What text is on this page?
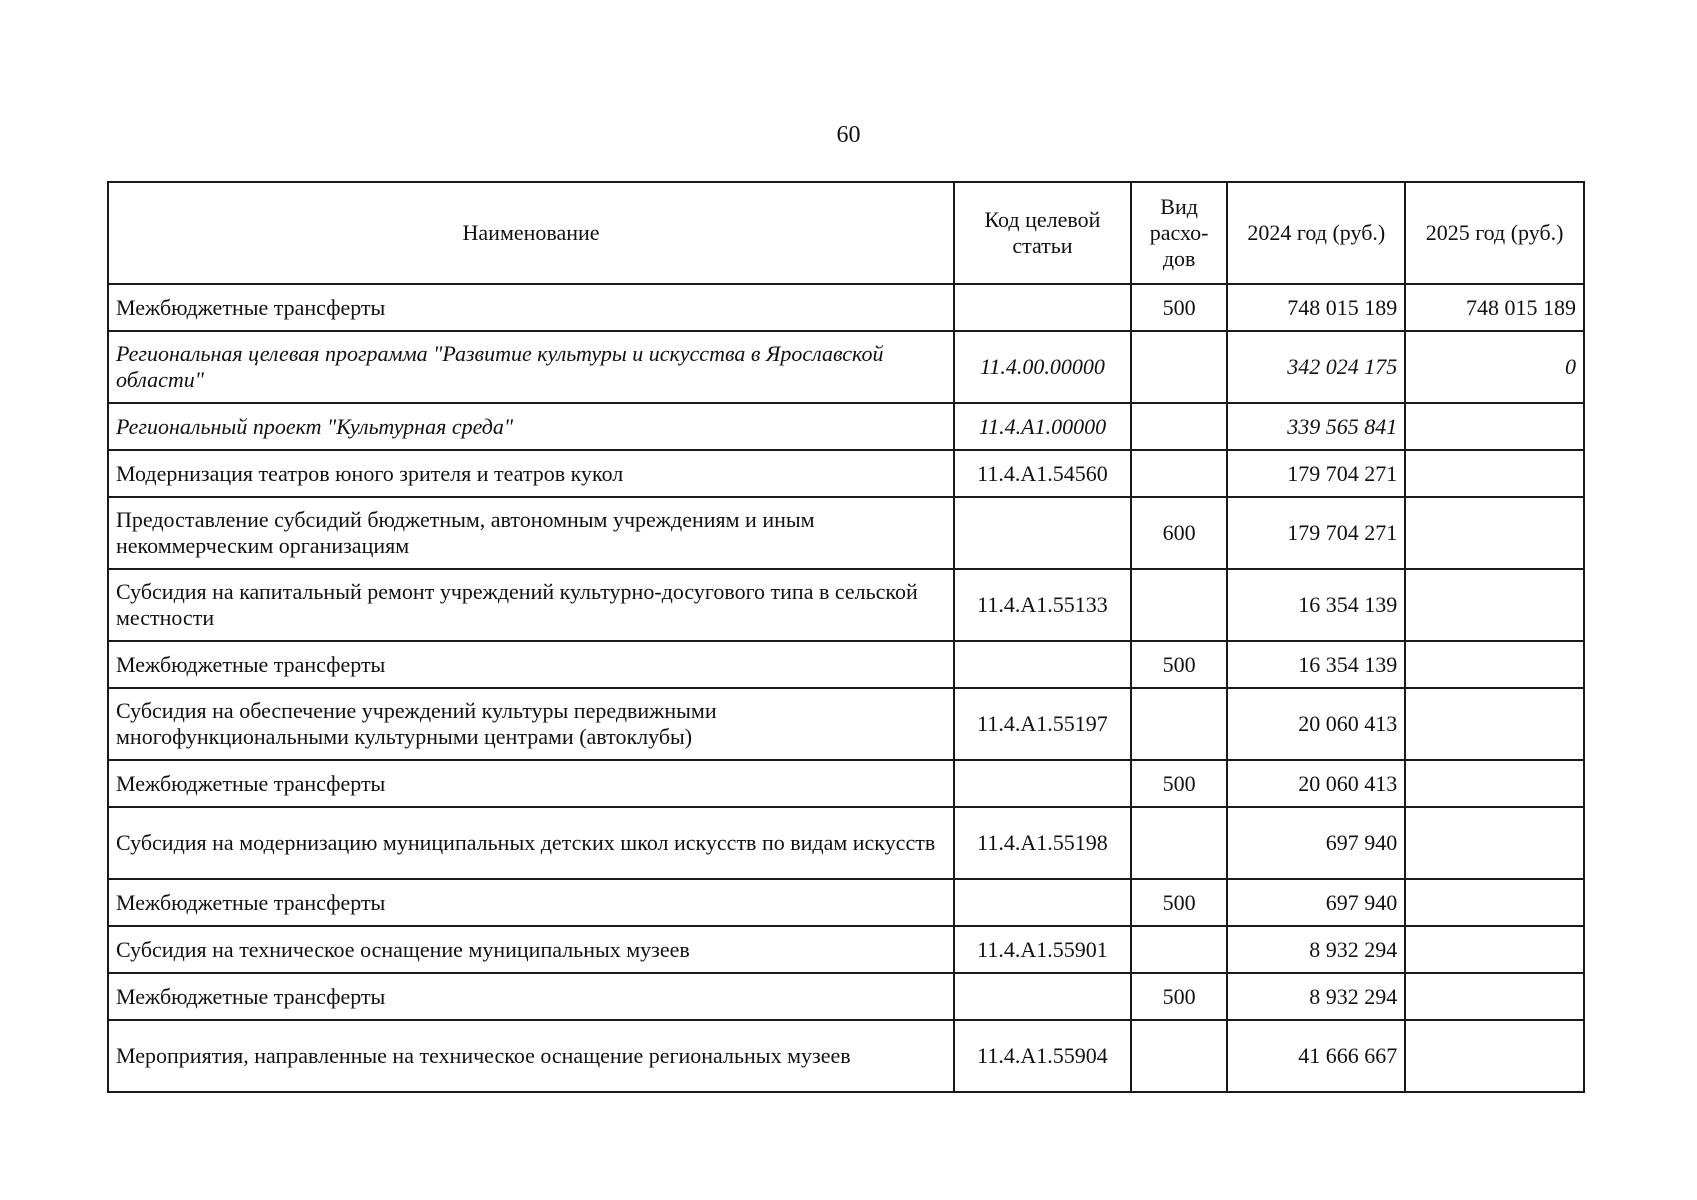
60
Наименование	Код целевой статьи	Вид расхо-дов	2024 год (руб.)	2025 год (руб.)
Межбюджетные трансферты		500	748 015 189	748 015 189
Региональная целевая программа "Развитие культуры и искусства в Ярославской области"	11.4.00.00000		342 024 175	0
Региональный проект "Культурная среда"	11.4.A1.00000		339 565 841	
Модернизация театров юного зрителя и театров кукол	11.4.A1.54560		179 704 271	
Предоставление субсидий бюджетным, автономным учреждениям и иным некоммерческим организациям		600	179 704 271	
Субсидия на капитальный ремонт учреждений культурно-досугового типа в сельской местности	11.4.A1.55133		16 354 139	
Межбюджетные трансферты		500	16 354 139	
Субсидия на обеспечение учреждений культуры передвижными многофункциональными культурными центрами (автоклубы)	11.4.A1.55197		20 060 413	
Межбюджетные трансферты		500	20 060 413	
Субсидия на модернизацию муниципальных детских школ искусств по видам искусств	11.4.A1.55198		697 940	
Межбюджетные трансферты		500	697 940	
Субсидия на техническое оснащение муниципальных музеев	11.4.A1.55901		8 932 294	
Межбюджетные трансферты		500	8 932 294	
Мероприятия, направленные на техническое оснащение региональных музеев	11.4.A1.55904		41 666 667	
